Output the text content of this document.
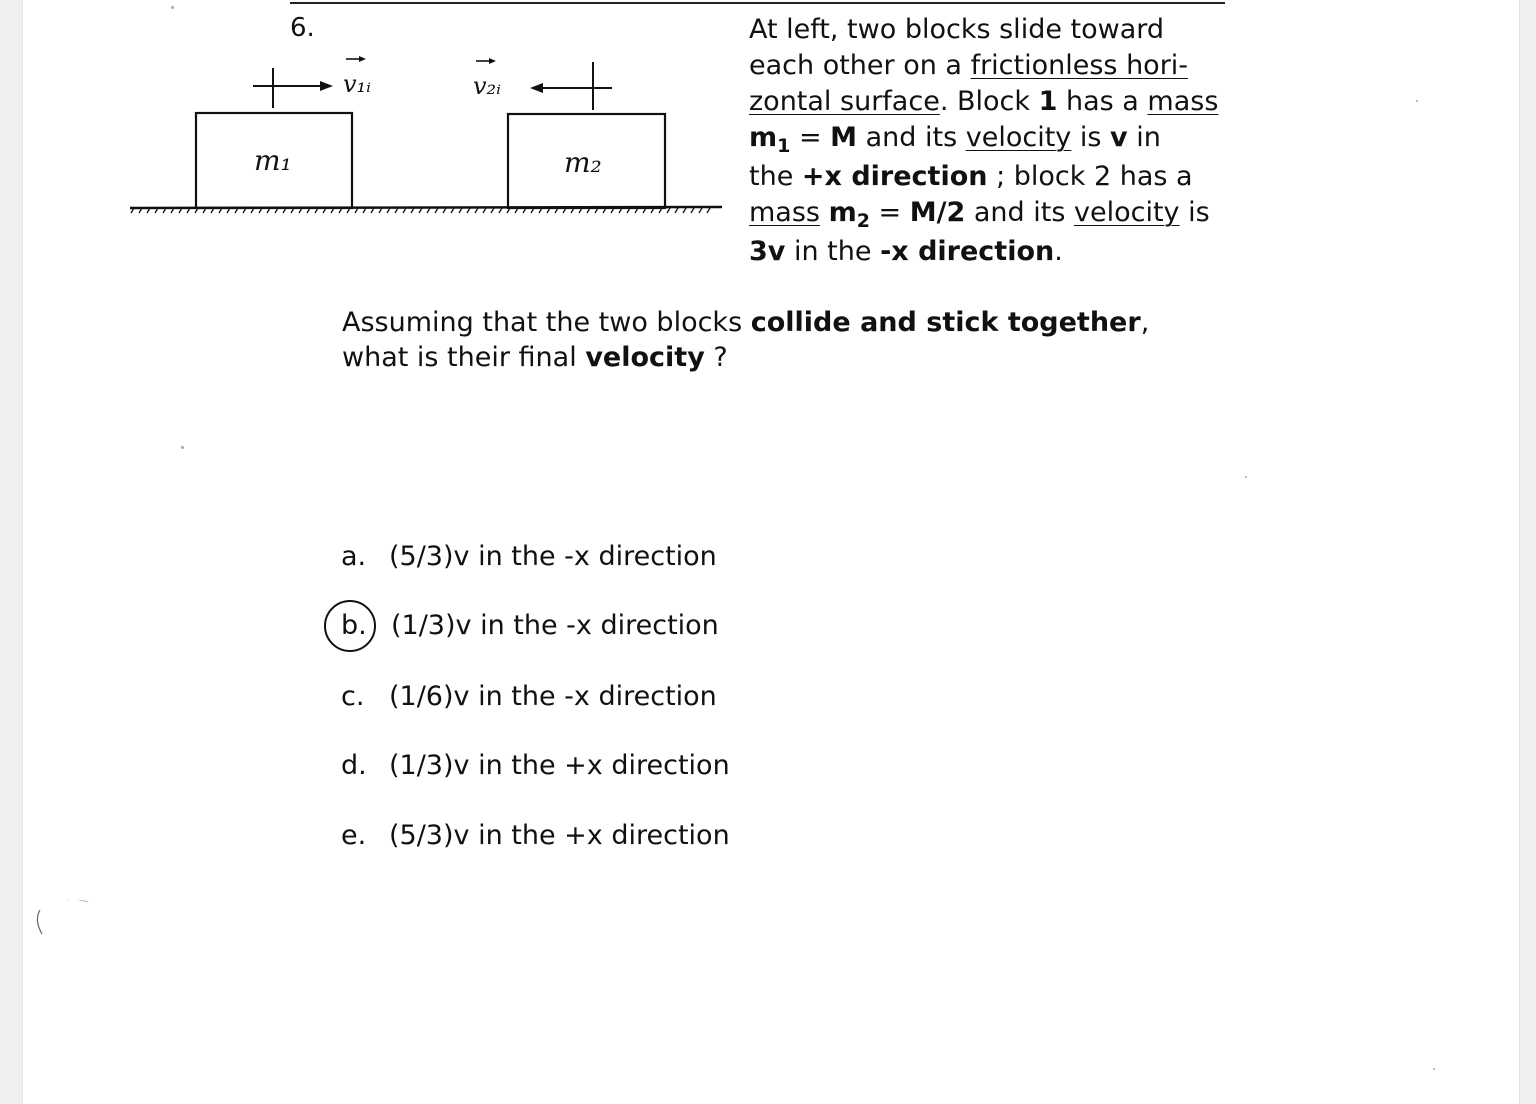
6.
m₁	m₂
v₁ᵢ	v₂ᵢ
At left, two blocks slide toward
each other on a frictionless hori-
zontal surface. Block 1 has a mass
$m_1 = M$ and its velocity is v in
the +x direction ; block 2 has a
mass $m_2 = M/2$ and its velocity is
3v in the -x direction.
Assuming that the two blocks collide and stick together,
what is their final velocity ?
a. (5/3)v in the -x direction
b. (1/3)v in the -x direction
c. (1/6)v in the -x direction
d. (1/3)v in the +x direction
e. (5/3)v in the +x direction
